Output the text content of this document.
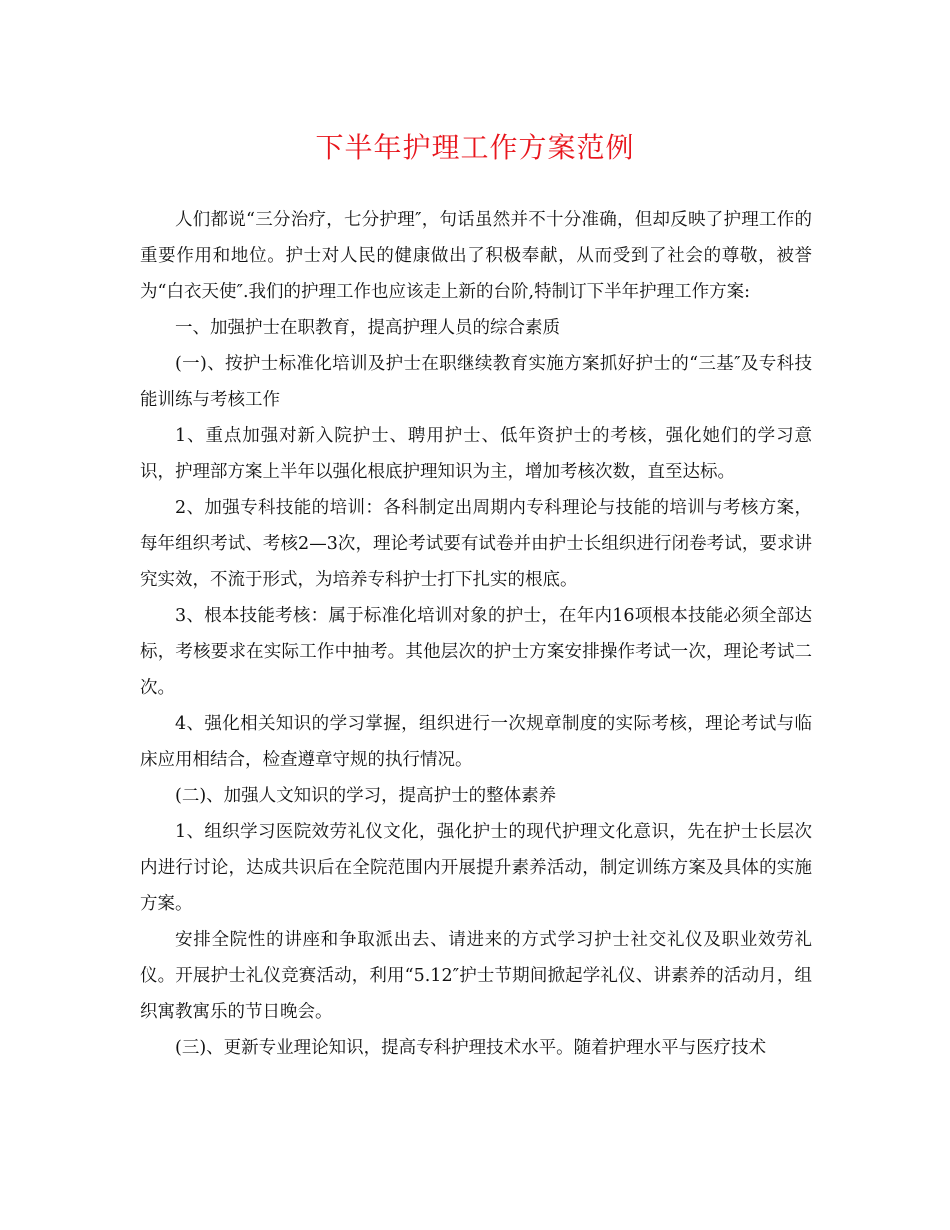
下半年护理工作方案范例

人们都说“三分治疗，七分护理″，句话虽然并不十分准确，但却反映了护理工作的重要作用和地位。护士对人民的健康做出了积极奉献，从而受到了社会的尊敬，被誉为“白衣天使″.我们的护理工作也应该走上新的台阶,特制订下半年护理工作方案:

一、加强护士在职教育，提高护理人员的综合素质

(一)、按护士标准化培训及护士在职继续教育实施方案抓好护士的“三基″及专科技能训练与考核工作

1、重点加强对新入院护士、聘用护士、低年资护士的考核，强化她们的学习意识，护理部方案上半年以强化根底护理知识为主，增加考核次数，直至达标。

2、加强专科技能的培训：各科制定出周期内专科理论与技能的培训与考核方案，每年组织考试、考核2—3次，理论考试要有试卷并由护士长组织进行闭卷考试，要求讲究实效，不流于形式，为培养专科护士打下扎实的根底。

3、根本技能考核：属于标准化培训对象的护士，在年内16项根本技能必须全部达标，考核要求在实际工作中抽考。其他层次的护士方案安排操作考试一次，理论考试二次。

4、强化相关知识的学习掌握，组织进行一次规章制度的实际考核，理论考试与临床应用相结合，检查遵章守规的执行情况。

(二)、加强人文知识的学习，提高护士的整体素养

1、组织学习医院效劳礼仪文化，强化护士的现代护理文化意识，先在护士长层次内进行讨论，达成共识后在全院范围内开展提升素养活动，制定训练方案及具体的实施方案。

安排全院性的讲座和争取派出去、请进来的方式学习护士社交礼仪及职业效劳礼仪。开展护士礼仪竞赛活动，利用“5.12″护士节期间掀起学礼仪、讲素养的活动月，组织寓教寓乐的节日晚会。

(三)、更新专业理论知识，提高专科护理技术水平。随着护理水平与医疗技术
